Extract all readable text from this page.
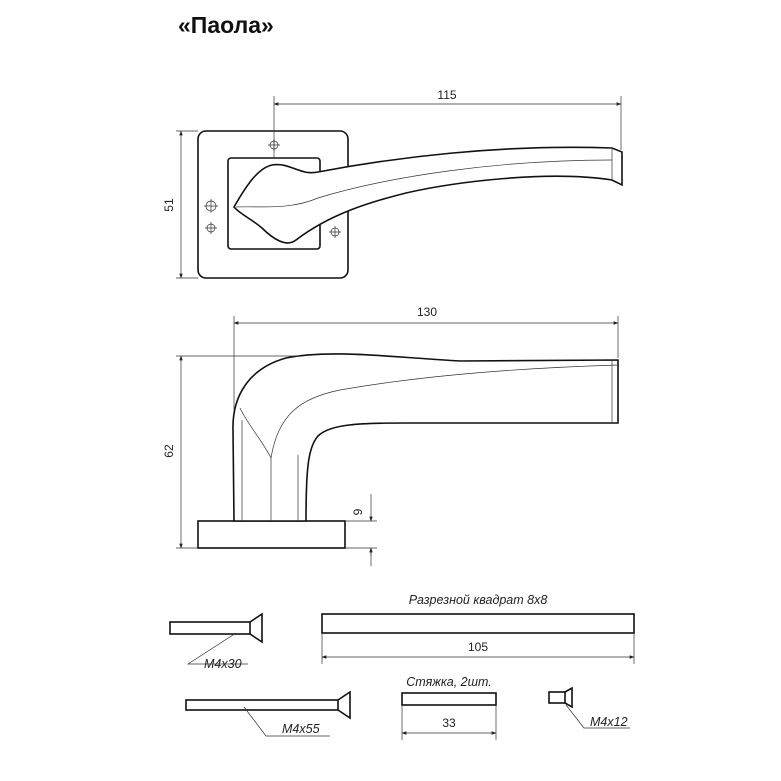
«Паола»
115
51
130
62
9
M4x30
Разрезной квадрат 8x8
105
M4x55
Стяжка, 2шт.
33	M4x12
